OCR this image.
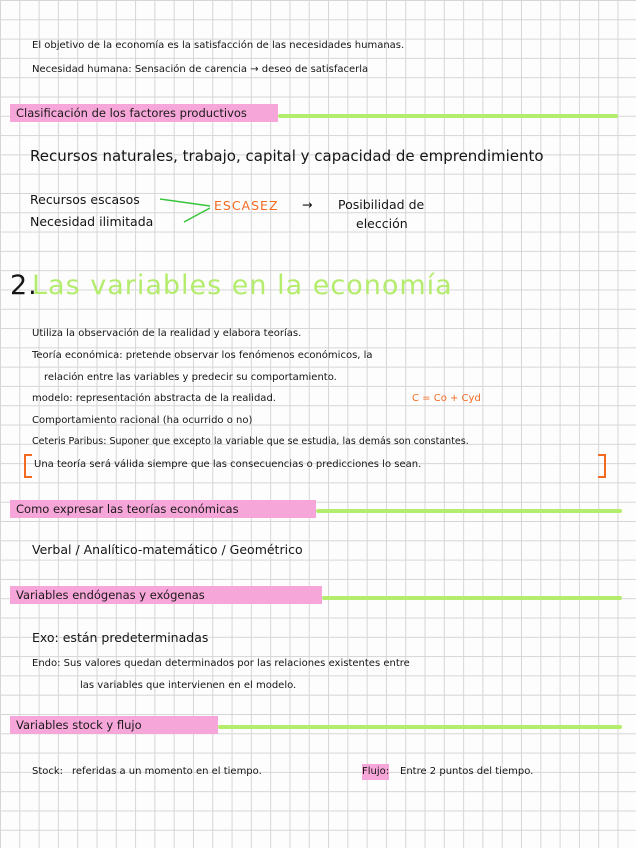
El objetivo de la economía es la satisfacción de las necesidades humanas.
Necesidad humana: Sensación de carencia → deseo de satisfacerla
Clasificación de los factores productivos
Recursos naturales, trabajo, capital y capacidad de emprendimiento
Recursos escasos
Necesidad ilimitada
ESCASEZ → Posibilidad de
elección
2.
Las variables en la economía
Utiliza la observación de la realidad y elabora teorías.
Teoría económica: pretende observar los fenómenos económicos, la
relación entre las variables y predecir su comportamiento.
modelo: representación abstracta de la realidad.	C = Co + Cyd
Comportamiento racional (ha ocurrido o no)
Ceteris Paribus: Suponer que excepto la variable que se estudia, las demás son constantes.
Una teoría será válida siempre que las consecuencias o predicciones lo sean.
Como expresar las teorías económicas
Verbal / Analítico-matemático / Geométrico
Variables endógenas y exógenas
Exo: están predeterminadas
Endo: Sus valores quedan determinados por las relaciones existentes entre
las variables que intervienen en el modelo.
Variables stock y flujo
Stock: referidas a un momento en el tiempo.	Flujo: Entre 2 puntos del tiempo.
